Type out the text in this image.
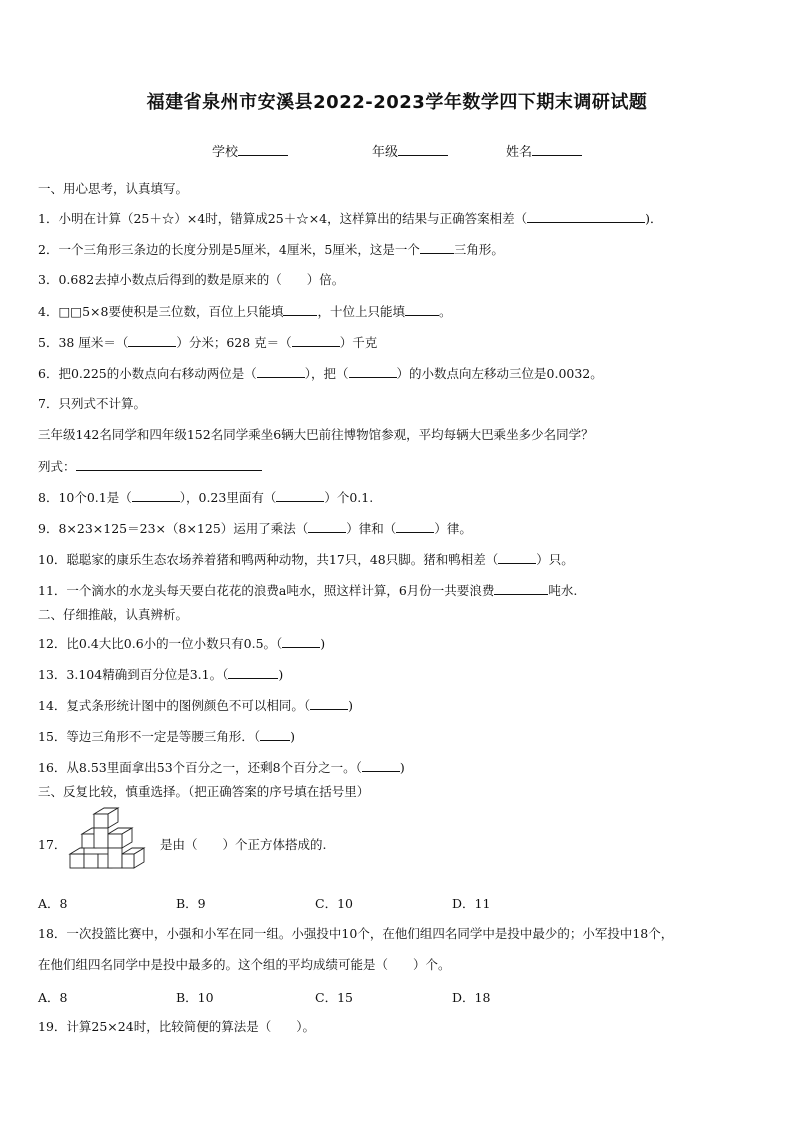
福建省泉州市安溪县2022-2023学年数学四下期末调研试题
学校	年级	姓名
一、用心思考，认真填写。
1．小明在计算（25＋☆）×4时，错算成25＋☆×4，这样算出的结果与正确答案相差（	)．
2．一个三角形三条边的长度分别是5厘米，4厘米，5厘米，这是一个	三角形。
3．0.682去掉小数点后得到的数是原来的（　　）倍。
4．□□5×8要使积是三位数，百位上只能填	，十位上只能填	。
5．38 厘米＝（	）分米；628 克＝（	）千克
6．把0.225的小数点向右移动两位是（	），把（	）的小数点向左移动三位是0.0032。
7．只列式不计算。
三年级142名同学和四年级152名同学乘坐6辆大巴前往博物馆参观，平均每辆大巴乘坐多少名同学？
列式：
8．10个0.1是（	），0.23里面有（	）个0.1.
9．8×23×125＝23×（8×125）运用了乘法（	）律和（	）律。
10．聪聪家的康乐生态农场养着猪和鸭两种动物，共17只，48只脚。猪和鸭相差（	）只。
11．一个滴水的水龙头每天要白花花的浪费a吨水，照这样计算，6月份一共要浪费	吨水.
二、仔细推敲，认真辨析。
12．比0.4大比0.6小的一位小数只有0.5。（	)
13．3.104精确到百分位是3.1。（	)
14．复式条形统计图中的图例颜色不可以相同。（	)
15．等边三角形不一定是等腰三角形．（ )
16．从8.53里面拿出53个百分之一，还剩8个百分之一。（	)
三、反复比较，慎重选择。（把正确答案的序号填在括号里）
17．	是由（　　）个正方体搭成的.
A．8	B．9	C．10	D．11
18．一次投篮比赛中，小强和小军在同一组。小强投中10个，在他们组四名同学中是投中最少的；小军投中18个，
在他们组四名同学中是投中最多的。这个组的平均成绩可能是（　　）个。
A．8	B．10	C．15	D．18
19．计算25×24时，比较简便的算法是（　　）。
